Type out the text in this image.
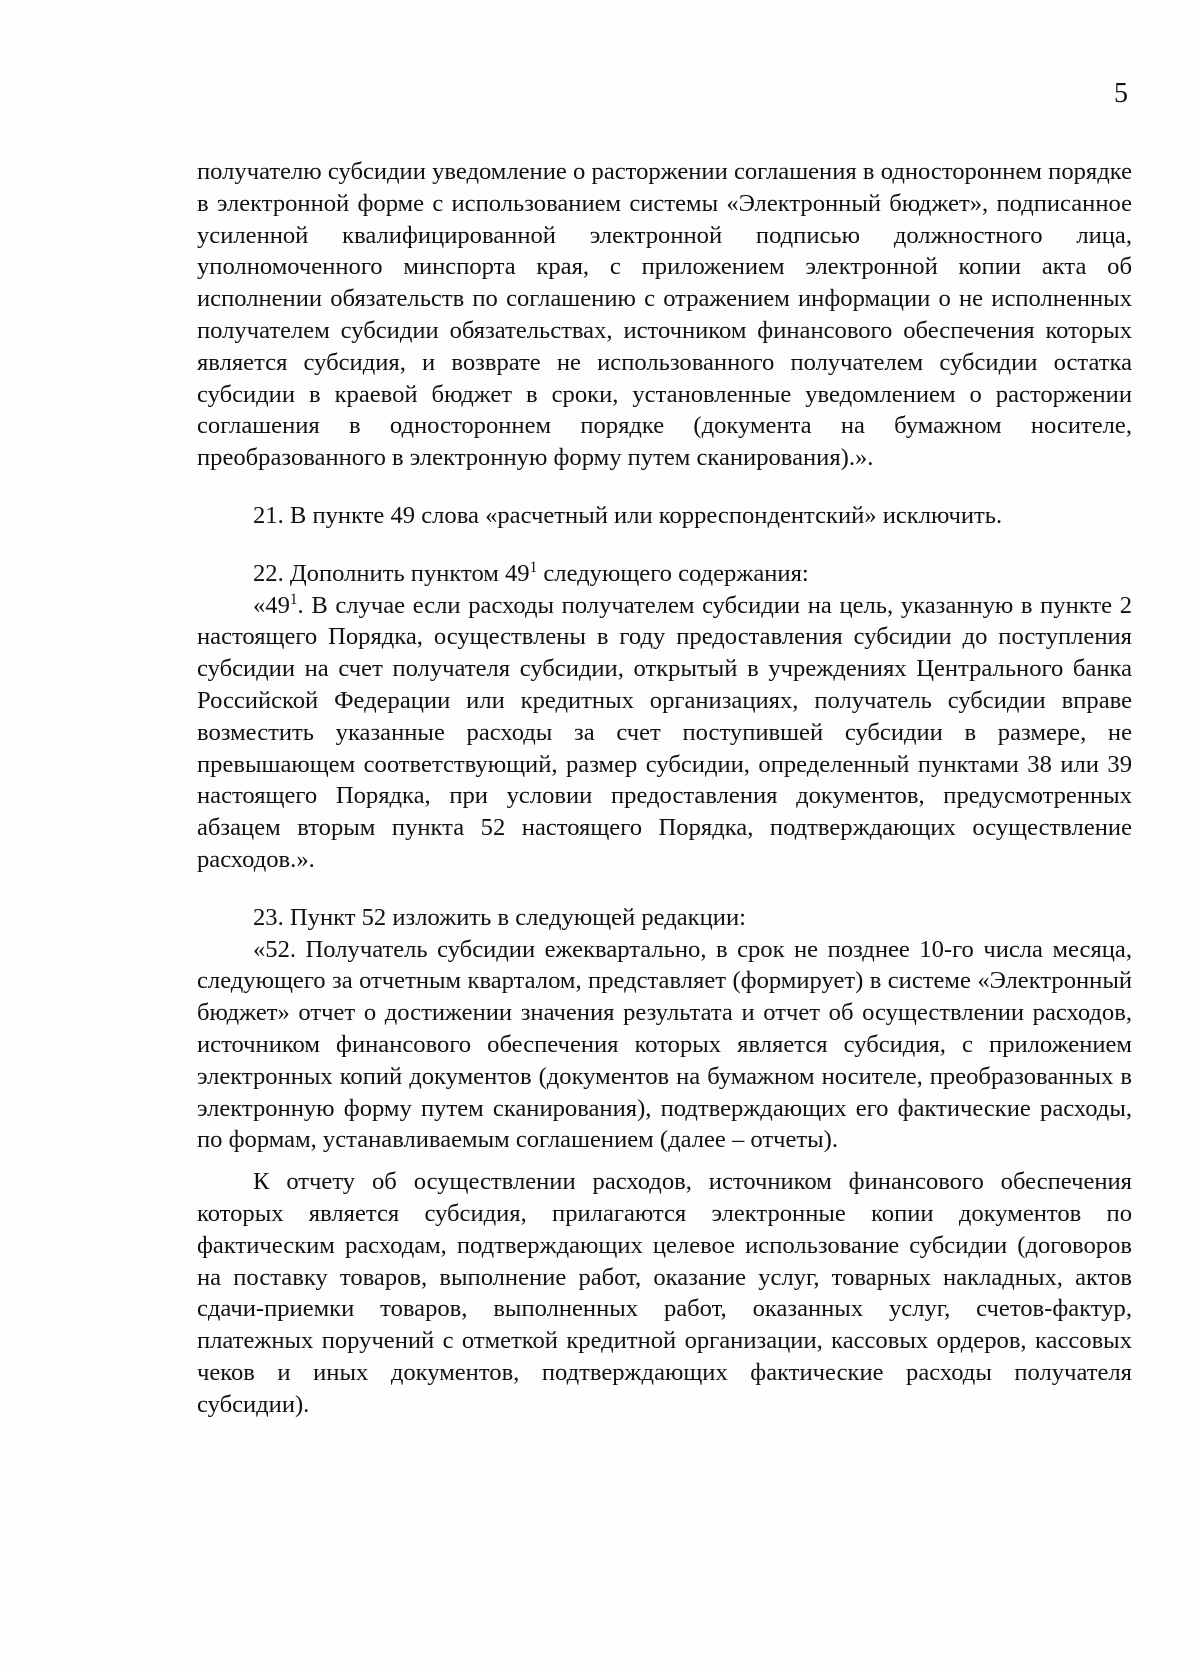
5

получателю субсидии уведомление о расторжении соглашения в одностороннем порядке в электронной форме с использованием системы «Электронный бюджет», подписанное усиленной квалифицированной электронной подписью должностного лица, уполномоченного минспорта края, с приложением электронной копии акта об исполнении обязательств по соглашению с отражением информации о не исполненных получателем субсидии обязательствах, источником финансового обеспечения которых является субсидия, и возврате не использованного получателем субсидии остатка субсидии в краевой бюджет в сроки, установленные уведомлением о расторжении соглашения в одностороннем порядке (документа на бумажном носителе, преобразованного в электронную форму путем сканирования).».

21. В пункте 49 слова «расчетный или корреспондентский» исключить.

22. Дополнить пунктом $49^1$ следующего содержания:

«$49^1$. В случае если расходы получателем субсидии на цель, указанную в пункте 2 настоящего Порядка, осуществлены в году предоставления субсидии до поступления субсидии на счет получателя субсидии, открытый в учреждениях Центрального банка Российской Федерации или кредитных организациях, получатель субсидии вправе возместить указанные расходы за счет поступившей субсидии в размере, не превышающем соответствующий, размер субсидии, определенный пунктами 38 или 39 настоящего Порядка, при условии предоставления документов, предусмотренных абзацем вторым пункта 52 настоящего Порядка, подтверждающих осуществление расходов.».

23. Пункт 52 изложить в следующей редакции:

«52. Получатель субсидии ежеквартально, в срок не позднее 10-го числа месяца, следующего за отчетным кварталом, представляет (формирует) в системе «Электронный бюджет» отчет о достижении значения результата и отчет об осуществлении расходов, источником финансового обеспечения которых является субсидия, с приложением электронных копий документов (документов на бумажном носителе, преобразованных в электронную форму путем сканирования), подтверждающих его фактические расходы, по формам, устанавливаемым соглашением (далее – отчеты).

К отчету об осуществлении расходов, источником финансового обеспечения которых является субсидия, прилагаются электронные копии документов по фактическим расходам, подтверждающих целевое использование субсидии (договоров на поставку товаров, выполнение работ, оказание услуг, товарных накладных, актов сдачи-приемки товаров, выполненных работ, оказанных услуг, счетов-фактур, платежных поручений с отметкой кредитной организации, кассовых ордеров, кассовых чеков и иных документов, подтверждающих фактические расходы получателя субсидии).
